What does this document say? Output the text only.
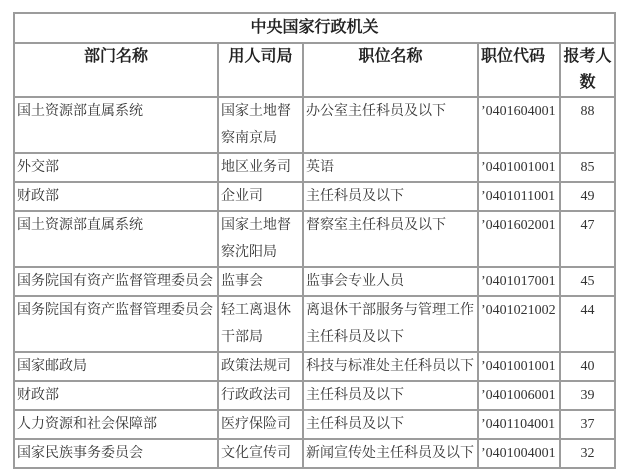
中央国家行政机关				
部门名称	用人司局	职位名称	职位代码	报考人数
国土资源部直属系统	国家土地督察南京局	办公室主任科员及以下	’0401604001	88
外交部	地区业务司	英语	’0401001001	85
财政部	企业司	主任科员及以下	’0401011001	49
国土资源部直属系统	国家土地督察沈阳局	督察室主任科员及以下	’0401602001	47
国务院国有资产监督管理委员会	监事会	监事会专业人员	’0401017001	45
国务院国有资产监督管理委员会	轻工离退休干部局	离退休干部服务与管理工作主任科员及以下	’0401021002	44
国家邮政局	政策法规司	科技与标准处主任科员以下	’0401001001	40
财政部	行政政法司	主任科员及以下	’0401006001	39
人力资源和社会保障部	医疗保险司	主任科员及以下	’0401104001	37
国家民族事务委员会	文化宣传司	新闻宣传处主任科员及以下	’0401004001	32
